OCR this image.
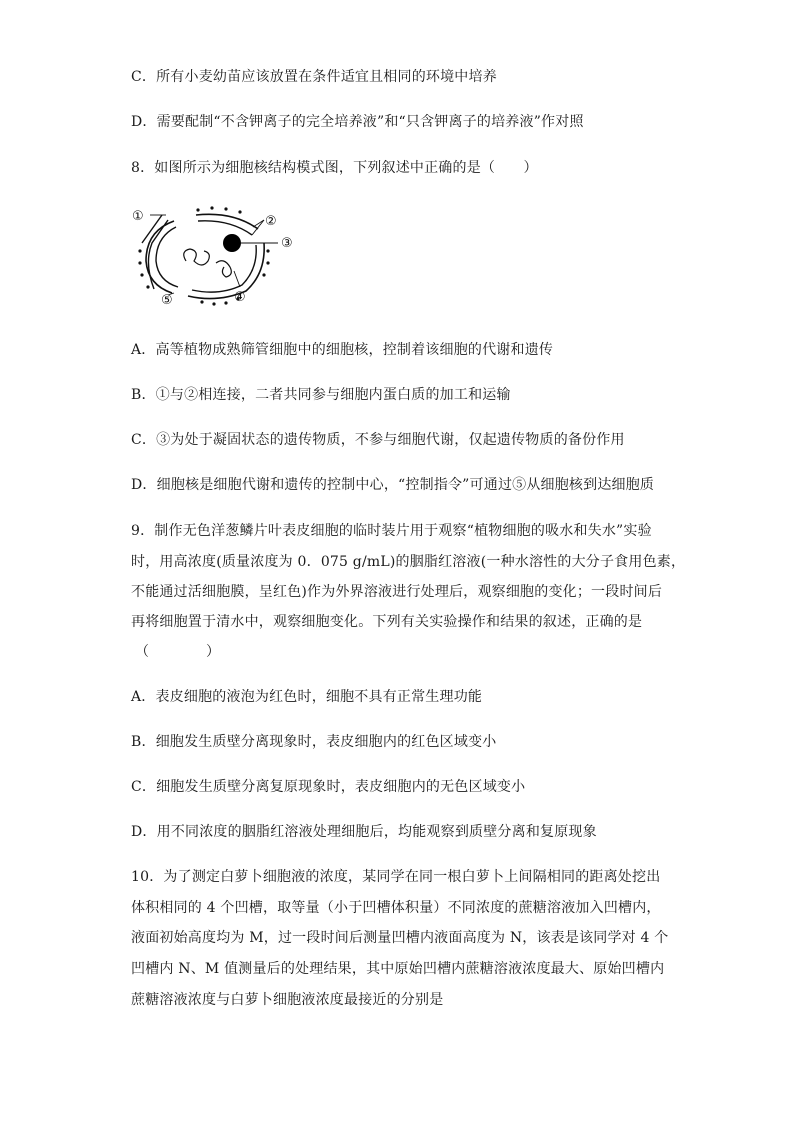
C．所有小麦幼苗应该放置在条件适宜且相同的环境中培养
D．需要配制“不含钾离子的完全培养液”和“只含钾离子的培养液”作对照
8．如图所示为细胞核结构模式图，下列叙述中正确的是（　　）
①	②
③
④
⑤
A．高等植物成熟筛管细胞中的细胞核，控制着该细胞的代谢和遗传
B．①与②相连接，二者共同参与细胞内蛋白质的加工和运输
C．③为处于凝固状态的遗传物质，不参与细胞代谢，仅起遗传物质的备份作用
D．细胞核是细胞代谢和遗传的控制中心，“控制指令”可通过⑤从细胞核到达细胞质
9．制作无色洋葱鳞片叶表皮细胞的临时装片用于观察“植物细胞的吸水和失水”实验
时，用高浓度(质量浓度为 0．075 g/mL)的胭脂红溶液(一种水溶性的大分子食用色素，
不能通过活细胞膜，呈红色)作为外界溶液进行处理后，观察细胞的变化；一段时间后
再将细胞置于清水中，观察细胞变化。下列有关实验操作和结果的叙述，正确的是
（　　　　）
A．表皮细胞的液泡为红色时，细胞不具有正常生理功能
B．细胞发生质壁分离现象时，表皮细胞内的红色区域变小
C．细胞发生质壁分离复原现象时，表皮细胞内的无色区域变小
D．用不同浓度的胭脂红溶液处理细胞后，均能观察到质壁分离和复原现象
10．为了测定白萝卜细胞液的浓度，某同学在同一根白萝卜上间隔相同的距离处挖出
体积相同的 4 个凹槽，取等量（小于凹槽体积量）不同浓度的蔗糖溶液加入凹槽内，
液面初始高度均为 M，过一段时间后测量凹槽内液面高度为 N，该表是该同学对 4 个
凹槽内 N、M 值测量后的处理结果，其中原始凹槽内蔗糖溶液浓度最大、原始凹槽内
蔗糖溶液浓度与白萝卜细胞液浓度最接近的分别是
